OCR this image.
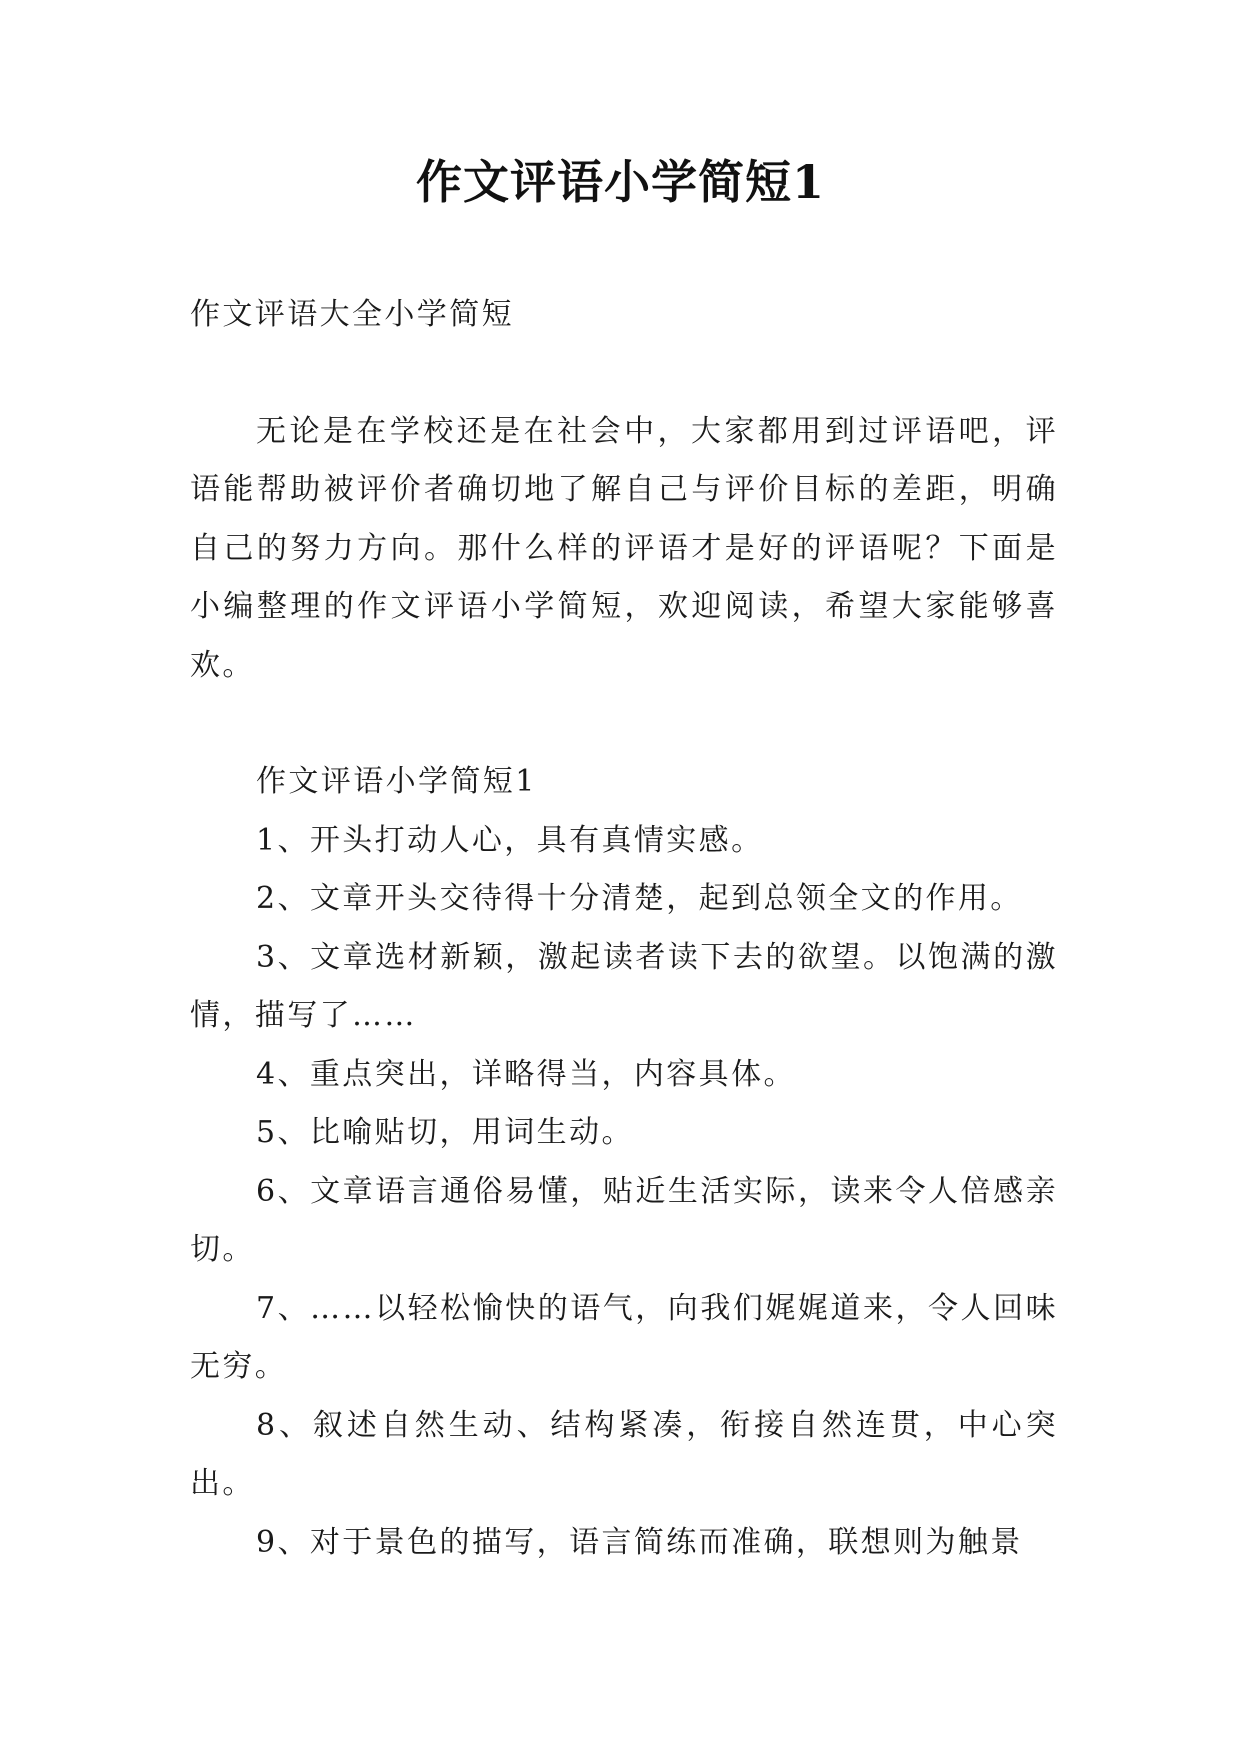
作文评语小学简短1

作文评语大全小学简短

无论是在学校还是在社会中，大家都用到过评语吧，评语能帮助被评价者确切地了解自己与评价目标的差距，明确自己的努力方向。那什么样的评语才是好的评语呢？下面是小编整理的作文评语小学简短，欢迎阅读，希望大家能够喜欢。

作文评语小学简短1

1、开头打动人心，具有真情实感。
2、文章开头交待得十分清楚，起到总领全文的作用。
3、文章选材新颖，激起读者读下去的欲望。以饱满的激情，描写了……
4、重点突出，详略得当，内容具体。
5、比喻贴切，用词生动。
6、文章语言通俗易懂，贴近生活实际，读来令人倍感亲切。
7、……以轻松愉快的语气，向我们娓娓道来，令人回味无穷。
8、叙述自然生动、结构紧凑，衔接自然连贯，中心突出。
9、对于景色的描写，语言简练而准确，联想则为触景
